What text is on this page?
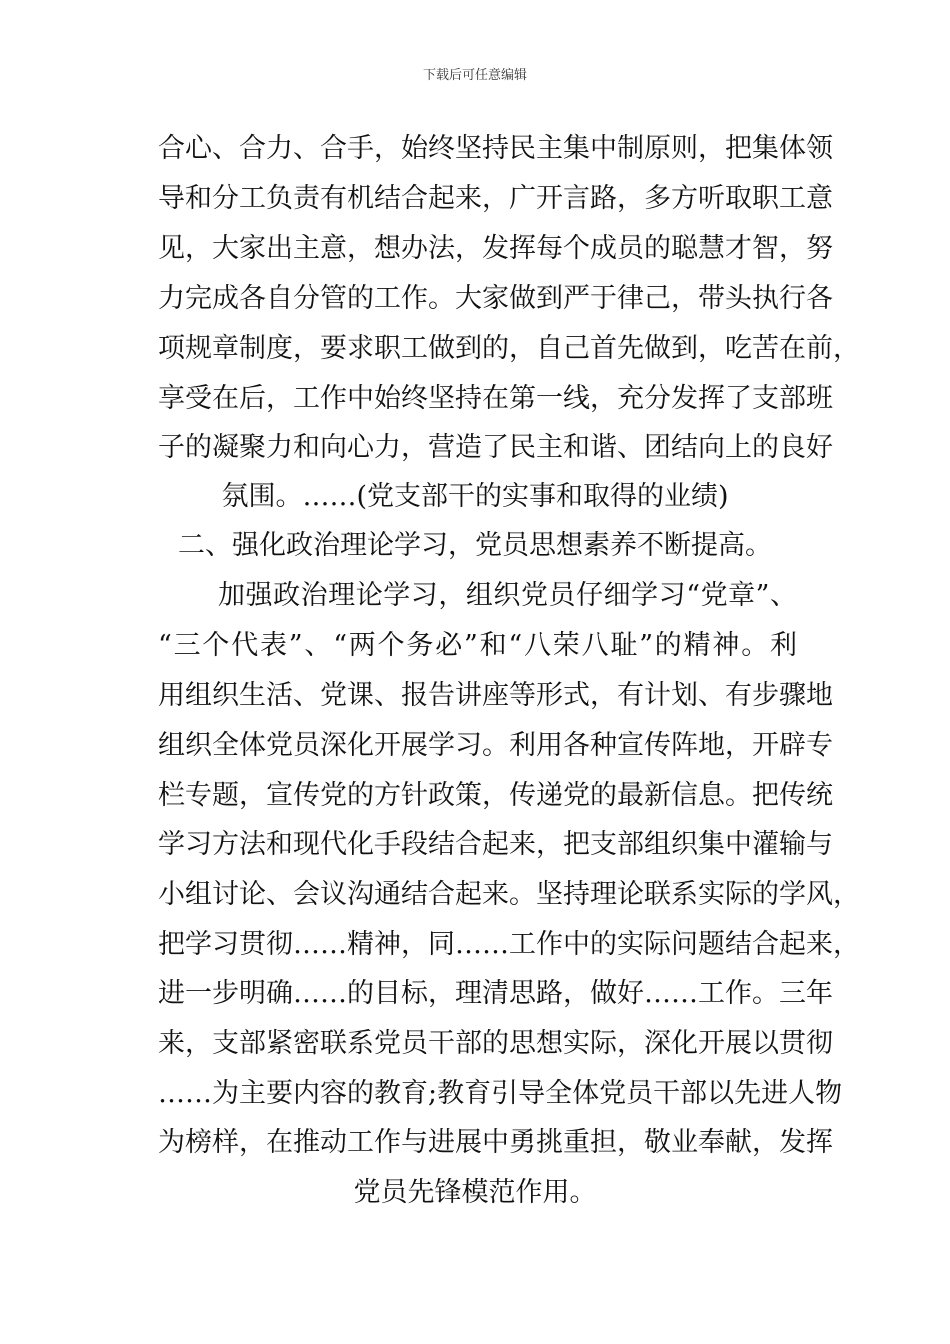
下载后可任意编辑
合心、合力、合手，始终坚持民主集中制原则，把集体领
导和分工负责有机结合起来，广开言路，多方听取职工意
见，大家出主意，想办法，发挥每个成员的聪慧才智，努
力完成各自分管的工作。大家做到严于律己，带头执行各
项规章制度，要求职工做到的，自己首先做到，吃苦在前，
享受在后，工作中始终坚持在第一线，充分发挥了支部班
子的凝聚力和向心力，营造了民主和谐、团结向上的良好
氛围。……(党支部干的实事和取得的业绩)
二、强化政治理论学习，党员思想素养不断提高。
加强政治理论学习，组织党员仔细学习“党章”、
“三个代表”、“两个务必”和“八荣八耻”的精神。利
用组织生活、党课、报告讲座等形式，有计划、有步骤地
组织全体党员深化开展学习。利用各种宣传阵地，开辟专
栏专题，宣传党的方针政策，传递党的最新信息。把传统
学习方法和现代化手段结合起来，把支部组织集中灌输与
小组讨论、会议沟通结合起来。坚持理论联系实际的学风，
把学习贯彻……精神，同……工作中的实际问题结合起来，
进一步明确……的目标，理清思路，做好……工作。三年
来，支部紧密联系党员干部的思想实际，深化开展以贯彻
……为主要内容的教育;教育引导全体党员干部以先进人物
为榜样，在推动工作与进展中勇挑重担，敬业奉献，发挥
党员先锋模范作用。
